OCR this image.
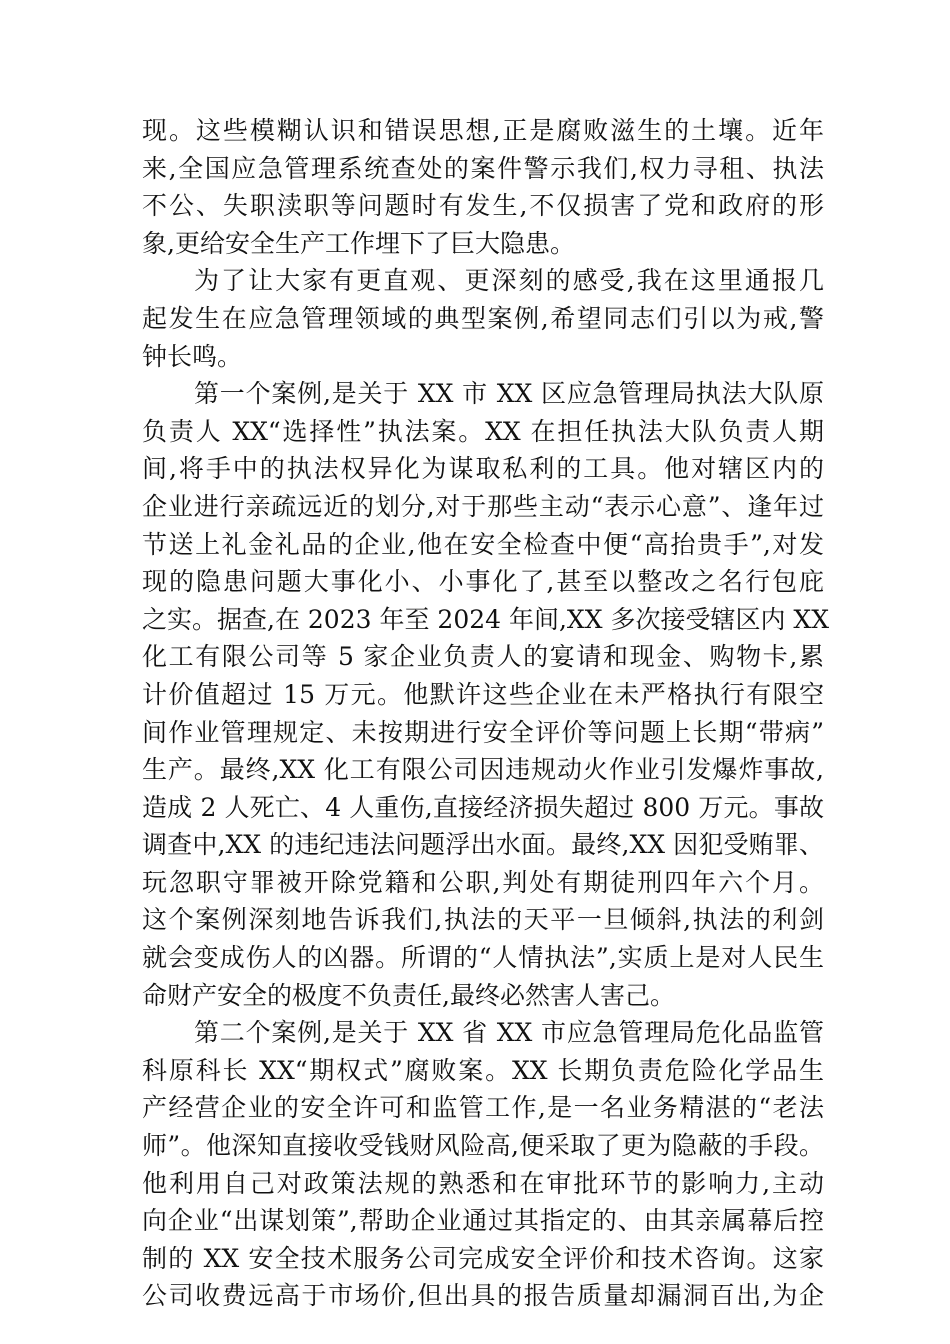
现。这些模糊认识和错误思想,正是腐败滋生的土壤。近年
来,全国应急管理系统查处的案件警示我们,权力寻租、执法
不公、失职渎职等问题时有发生,不仅损害了党和政府的形
象,更给安全生产工作埋下了巨大隐患。
为了让大家有更直观、更深刻的感受,我在这里通报几
起发生在应急管理领域的典型案例,希望同志们引以为戒,警
钟长鸣。
第一个案例,是关于 XX 市 XX 区应急管理局执法大队原
负责人 XX“选择性”执法案。XX 在担任执法大队负责人期
间,将手中的执法权异化为谋取私利的工具。他对辖区内的
企业进行亲疏远近的划分,对于那些主动“表示心意”、逢年过
节送上礼金礼品的企业,他在安全检查中便“高抬贵手”,对发
现的隐患问题大事化小、小事化了,甚至以整改之名行包庇
之实。据查,在 2023 年至 2024 年间,XX 多次接受辖区内 XX
化工有限公司等 5 家企业负责人的宴请和现金、购物卡,累
计价值超过 15 万元。他默许这些企业在未严格执行有限空
间作业管理规定、未按期进行安全评价等问题上长期“带病”
生产。最终,XX 化工有限公司因违规动火作业引发爆炸事故,
造成 2 人死亡、4 人重伤,直接经济损失超过 800 万元。事故
调查中,XX 的违纪违法问题浮出水面。最终,XX 因犯受贿罪、
玩忽职守罪被开除党籍和公职,判处有期徒刑四年六个月。
这个案例深刻地告诉我们,执法的天平一旦倾斜,执法的利剑
就会变成伤人的凶器。所谓的“人情执法”,实质上是对人民生
命财产安全的极度不负责任,最终必然害人害己。
第二个案例,是关于 XX 省 XX 市应急管理局危化品监管
科原科长 XX“期权式”腐败案。XX 长期负责危险化学品生
产经营企业的安全许可和监管工作,是一名业务精湛的“老法
师”。他深知直接收受钱财风险高,便采取了更为隐蔽的手段。
他利用自己对政策法规的熟悉和在审批环节的影响力,主动
向企业“出谋划策”,帮助企业通过其指定的、由其亲属幕后控
制的 XX 安全技术服务公司完成安全评价和技术咨询。这家
公司收费远高于市场价,但出具的报告质量却漏洞百出,为企
